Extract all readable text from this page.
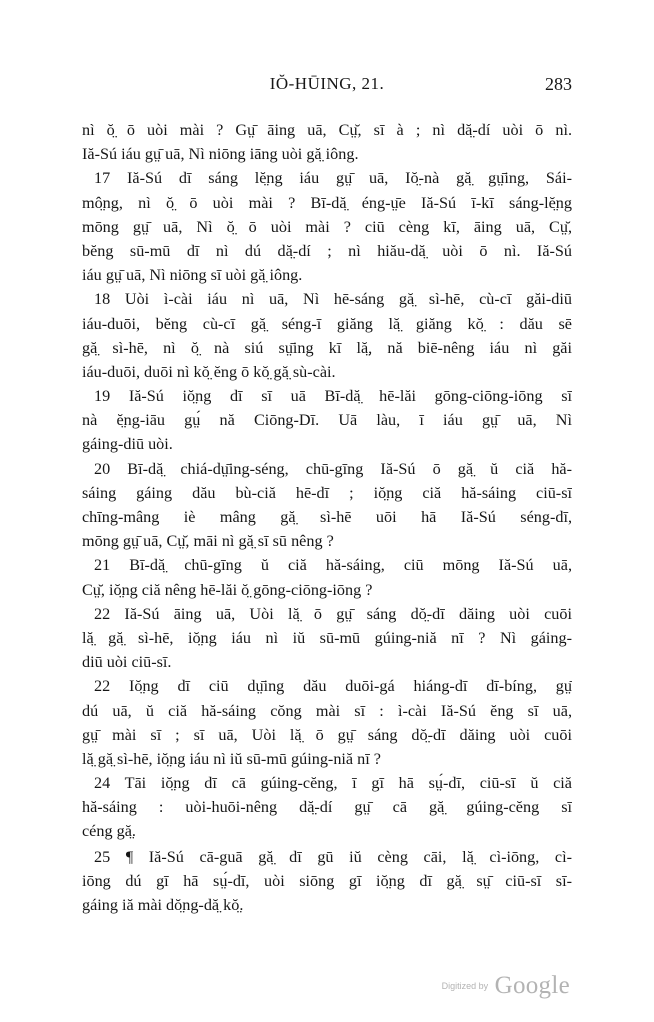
IŎ-HŪING, 21.	283
nì ŏ̤ ō uòi mài ? Gṳ̄ āing uā, Cṳ̆, sī à ; nì dă̤-dí uòi ō nì.
Iă-Sú iáu gṳ̄ uā, Nì niōng iāng uòi gă̤ iông.
17 Iă-Sú dī sáng lĕ̤ng iáu gṳ̄ uā, Iŏ̤-nà gă̤ gṳ̄ing, Sái-
mô̤ng, nì ŏ̤ ō uòi mài ? Bī-dă̤ éng-ṳ̄e Iă-Sú ī-kī sáng-lĕ̤ng
mōng gṳ̄ uā, Nì ŏ̤ ō uòi mài ? ciū cèng kī, āing uā, Cṳ̆,
bĕng sū-mū dī nì dú dă̤-dí ; nì hiău-dă̤ uòi ō nì. Iă-Sú
iáu gṳ̄ uā, Nì niōng sī uòi gă̤ iông.
18 Uòi ì-cài iáu nì uā, Nì hē-sáng gă̤ sì-hē, cù-cī găi-diū
iáu-duōi, bĕng cù-cī gă̤ séng-ī giăng lă̤ giăng kŏ̤ : dău sē
gă̤ sì-hē, nì ŏ̤ nà siú sṳ̄ing kī lă̤, nă biē-nêng iáu nì găi
iáu-duōi, duōi nì kŏ̤ ĕng ō kŏ̤ gă̤ sù-cài.
19 Iă-Sú iŏ̤ng dī sī uā Bī-dă̤ hē-lăi gōng-ciōng-iōng sī
nà ĕ̤ng-iāu gṳ́ nă Ciōng-Dī. Uā làu, ī iáu gṳ̄ uā, Nì
gáing-diū uòi.
20 Bī-dă̤ chiá-dṳ̄ing-séng, chū-gīng Iă-Sú ō gă̤ ŭ ciă hă-
sáing gáing dău bù-ciă hē-dī ; iŏ̤ng ciă hă-sáing ciū-sī
chīng-mâng iè mâng gă̤ sì-hē uōi hā Iă-Sú séng-dī,
mōng gṳ̄ uā, Cṳ̆, māi nì gă̤ sī sū nêng ?
21 Bī-dă̤ chū-gīng ŭ ciă hă-sáing, ciū mōng Iă-Sú uā,
Cṳ̆, iŏ̤ng ciă nêng hē-lăi ŏ̤ gōng-ciōng-iōng ?
22 Iă-Sú āing uā, Uòi lă̤ ō gṳ̄ sáng dŏ̤-dī dăing uòi cuōi
lă̤ gă̤ sì-hē, iŏ̤ng iáu nì iŭ sū-mū gúing-niă nī ? Nì gáing-
diū uòi ciū-sī.
22 Iŏ̤ng dī ciū dṳ̄ing dău duōi-gá hiáng-dī dī-bíng, gṳ̄
dú uā, ŭ ciă hă-sáing cŏng mài sī : ì-cài Iă-Sú ĕng sī uā,
gṳ̄ mài sī ; sī uā, Uòi lă̤ ō gṳ̄ sáng dŏ̤-dī dăing uòi cuōi
lă̤ gă̤ sì-hē, iŏ̤ng iáu nì iŭ sū-mū gúing-niă nī ?
24 Tāi iŏ̤ng dī cā gúing-cĕng, ī gī hā sṳ́-dī, ciū-sī ŭ ciă
hă-sáing : uòi-huōi-nêng dă̤-dí gṳ̄ cā gă̤ gúing-cĕng sī
céng gă̤.
25 ¶ Iă-Sú cā-guā gă̤ dī gū iŭ cèng cāi, lă̤ cì-iōng, cì-
iōng dú gī hā sṳ́-dī, uòi siōng gī iŏ̤ng dī gă̤ sṳ̄ ciū-sī sī-
gáing iă mài dŏ̤ng-dă̤ kŏ̤.
$^{Digitized by}$ Google
